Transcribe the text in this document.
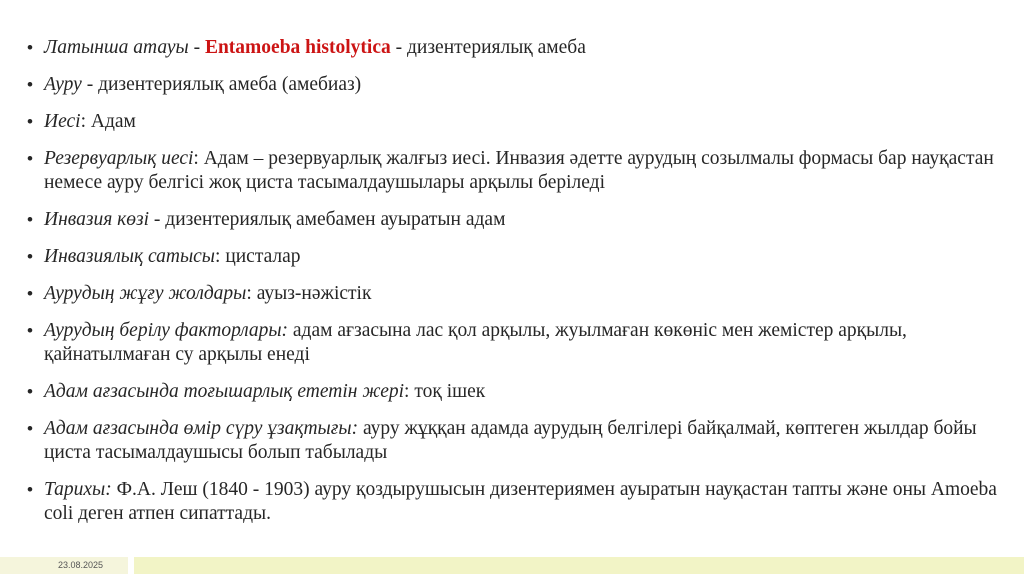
• Латынша атауы - Entamoeba histolytica - дизентериялық амеба
• Ауру - дизентериялық амеба (амебиаз)
• Иесі: Адам
• Резервуарлық иесі: Адам – резервуарлық жалғыз иесі. Инвазия әдетте аурудың созылмалы формасы бар науқастан немесе ауру белгісі жоқ циста тасымалдаушылары арқылы беріледі
• Инвазия көзі - дизентериялық амебамен ауыратын адам
• Инвазиялық сатысы: цисталар
• Аурудың жұғу жолдары: ауыз-нәжістік
• Аурудың берілу факторлары: адам ағзасына лас қол арқылы, жуылмаған көкөніс мен жемістер арқылы, қайнатылмаған су арқылы енеді
• Адам ағзасында тоғышарлық ететін жері: тоқ ішек
• Адам ағзасында өмір сүру ұзақтығы: ауру жұққан адамда аурудың белгілері байқалмай, көптеген жылдар бойы циста тасымалдаушысы болып табылады
• Тарихы: Ф.А. Леш (1840 - 1903) ауру қоздырушысын дизентериямен ауыратын науқастан тапты және оны Amoeba coli деген атпен сипаттады.
23.08.2025
